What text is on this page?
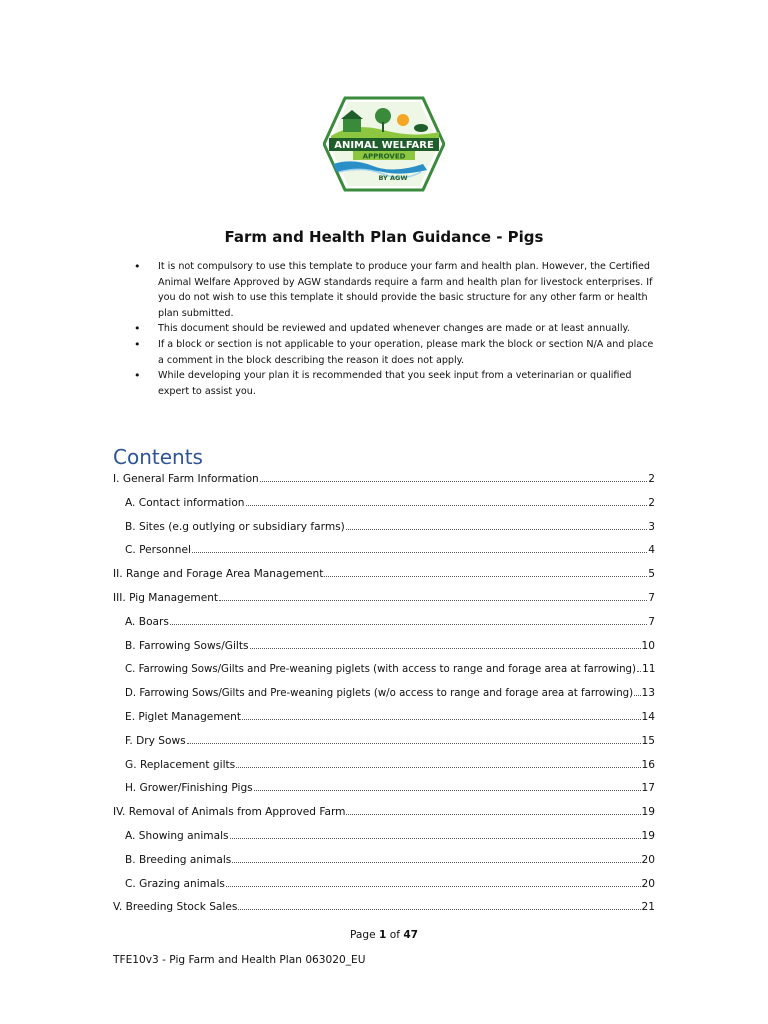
ANIMAL WELFARE
APPROVED
BY AGW
Farm and Health Plan Guidance - Pigs

• It is not compulsory to use this template to produce your farm and health plan. However, the Certified Animal Welfare Approved by AGW standards require a farm and health plan for livestock enterprises. If you do not wish to use this template it should provide the basic structure for any other farm or health plan submitted.

• This document should be reviewed and updated whenever changes are made or at least annually.

• If a block or section is not applicable to your operation, please mark the block or section N/A and place a comment in the block describing the reason it does not apply.

• While developing your plan it is recommended that you seek input from a veterinarian or qualified expert to assist you.

Contents
I. General Farm Information	2
A. Contact information	2
B. Sites (e.g outlying or subsidiary farms)	3
C. Personnel	4
II. Range and Forage Area Management	5
III. Pig Management	7
A. Boars	7
B. Farrowing Sows/Gilts	10
C. Farrowing Sows/Gilts and Pre-weaning piglets (with access to range and forage area at farrowing) 11
D. Farrowing Sows/Gilts and Pre-weaning piglets (w/o access to range and forage area at farrowing) 13
E. Piglet Management	14
F. Dry Sows	15
G. Replacement gilts	16
H. Grower/Finishing Pigs	17
IV. Removal of Animals from Approved Farm	19
A. Showing animals	19
B. Breeding animals	20
C. Grazing animals	20
V. Breeding Stock Sales	21
Page 1 of 47
TFE10v3 - Pig Farm and Health Plan 063020_EU
